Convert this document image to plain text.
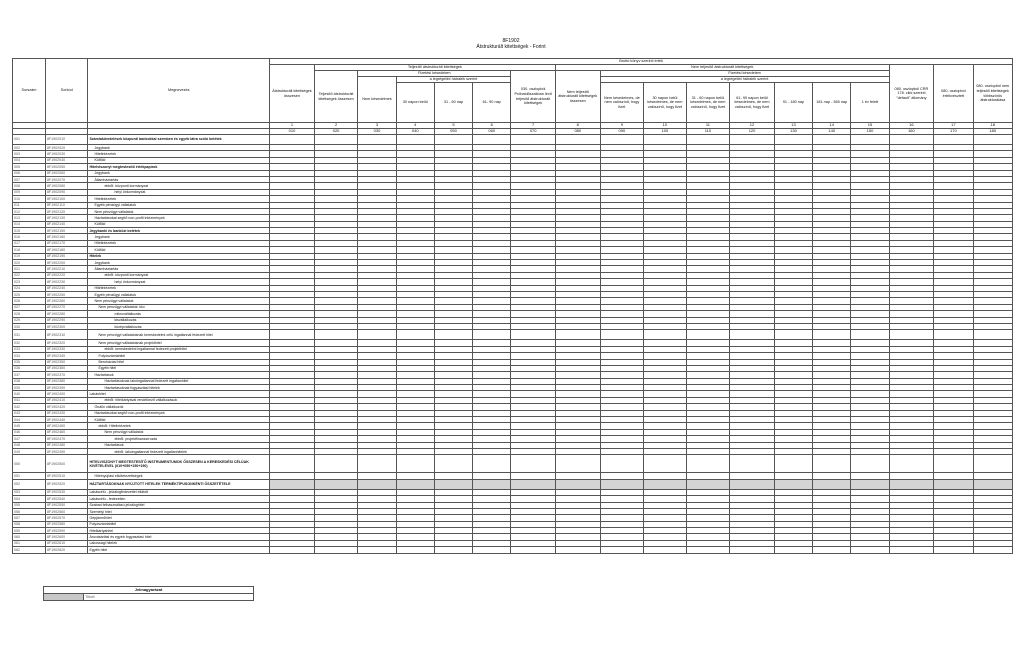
8F1902
Átstrukturált kitettségek - Forint
Sorszám	Sorkód	Megnevezés	Bruttó könyv szerinti érték																	
			Átstrukturált kitettségek összesen	Teljesítő átstrukturált kitettségek						Nem teljesítő átstrukturált kitettségek								080. oszlopból CRR 178. cikk szerinti "default" állomány	080. oszlopból értékvesztett	080. oszlopból nem teljesítő kitettségek többszörös átstrukturálása
				Teljesítő átstrukturált kitettségek összesen	Fizetési késedelem				030. oszlopból Próbaidőszakban lévő teljesítő átstrukturált kitettségek	Nem teljesítő átstrukturált kitettségek összesen	Fizetési késedelem									
					Nem késedelmes	a legrégebbi hátralék szerint					a legrégebbi hátralék szerint									
						30 napon belül	31 - 60 nap	61- 90 nap			Nem késedelmes, de nem valószínű, hogy fizet	30 napon belül késedelmes, de nem valószínű, hogy fizet	31 - 60 napon belül késedelmes, de nem valószínű, hogy fizet	61- 90 napon belül késedelmes, de nem valószínű, hogy fizet	91 - 180 nap	181 nap - 365 nap	1 év felett			
			1	2	3	4	5	6	7	8	9	10	11	12	13	14	15	16	17	18
			010	020	030	040	050	060	070	080	090	100	110	120	130	140	150	160	170	180
001	8F1902010	Számlakövetelések központi bankokkal szemben és egyéb látra szóló betétek																		
002	8F1902020	Jegybank																		
003	8F1902030	Hitelintézetek																		
004	8F1902040	Külföld																		
005	8F1902050	Hitelviszonyt megtestesítő értékpapírok																		
006	8F1902060	Jegybank																		
007	8F1902070	Államháztartás																		
008	8F1902080	ebből: központi kormányzat																		
009	8F1902090	helyi önkormányzat																		
010	8F1902100	Hitelintézetek																		
011	8F1902110	Egyéb pénzügyi vállalatok																		
012	8F1902120	Nem pénzügyi vállalatok																		
013	8F1902130	Háztartásokat segítő non-profit intézmények																		
014	8F1902140	Külföld																		
015	8F1902150	Jegybanki és banközi betétek																		
016	8F1902160	Jegybank																		
017	8F1902170	Hitelintézetek																		
018	8F1902180	Külföld																		
019	8F1902190	Hitelek																		
020	8F1902200	Jegybank																		
021	8F1902210	Államháztartás																		
022	8F1902220	ebből: központi kormányzat																		
023	8F1902230	helyi önkormányzat																		
024	8F1902240	Hitelintézetek																		
025	8F1902250	Egyéb pénzügyi vállalatok																		
026	8F1902260	Nem pénzügyi vállalatok																		
027	8F1902270	Nem pénzügyi vállalatok: kkv																		
028	8F1902280	mikrovállalkozás																		
029	8F1902290	kisvállalkozás																		
030	8F1902300	középvállalkozás																		
031	8F1902310	Nem pénzügyi vállalatoknak kereskedelmi célú ingatlannal fedezett hitel																		
032	8F1902320	Nem pénzügyi vállalatoknak projekthitel																		
033	8F1902330	ebből: kereskedelmi ingatlannal fedezett projekthitel																		
034	8F1902340	Folyószámlahitel																		
035	8F1902350	Beruházási hitel																		
036	8F1902360	Egyéb hitel																		
037	8F1902370	Háztartások																		
038	8F1902380	Háztartásoknak lakóingatlannal fedezett ingatlanhitel																		
039	8F1902390	Háztartásoknak fogyasztási hitelek																		
040	8F1902400	Lakáshitel																		
041	8F1902410	ebből: hitelkártyával rendelkező vállalkozások																		
042	8F1902420	Önálló vállalkozók																		
043	8F1902430	Háztartásokat segítő non-profit intézmények																		
044	8F1902440	Külföld																		
045	8F1902450	ebből: Hitelintézetek																		
046	8F1902460	Nem pénzügyi vállalatok																		
047	8F1902470	ebből: projektfinanszírozás																		
048	8F1902480	Háztartások																		
049	8F1902490	ebből: lakóingatlannal fedezett ingatlanhitelek																		
050	8F1902500	HITELVISZONYT MEGTESTESÍTŐ INSTRUMENTUMOK ÖSSZESEN A KERESKEDÉSI CÉLÚAK KIVÉTELÉVEL (010+050+150+190)																		
051	8F1902510	Hitelnyújtási elkötelezettségek																		
052	8F1902520	HÁZTARTÁSOKNAK NYÚJTOTT HITELEK TERMÉKTÍPUSONKÉNTI ÖSSZETÉTELE																		
053	8F1902530	Lakáscélú - jelzálogfedezettel ellátott																		
054	8F1902540	Lakáscélú - fedezetlen																		
055	8F1902550	Szabad felhasználású jelzáloghitel																		
056	8F1902560	Személyi hitel																		
057	8F1902570	Gépjárműhitel																		
058	8F1902580	Folyószámlahitel																		
059	8F1902590	Hitelkártyahitel																		
060	8F1902600	Áruvásárlási és egyéb fogyasztási hitel																		
061	8F1902610	Lakossági hitelek																		
062	8F1902620	Egyéb hitel																		
Jelmagyarázat
	Tiltott
